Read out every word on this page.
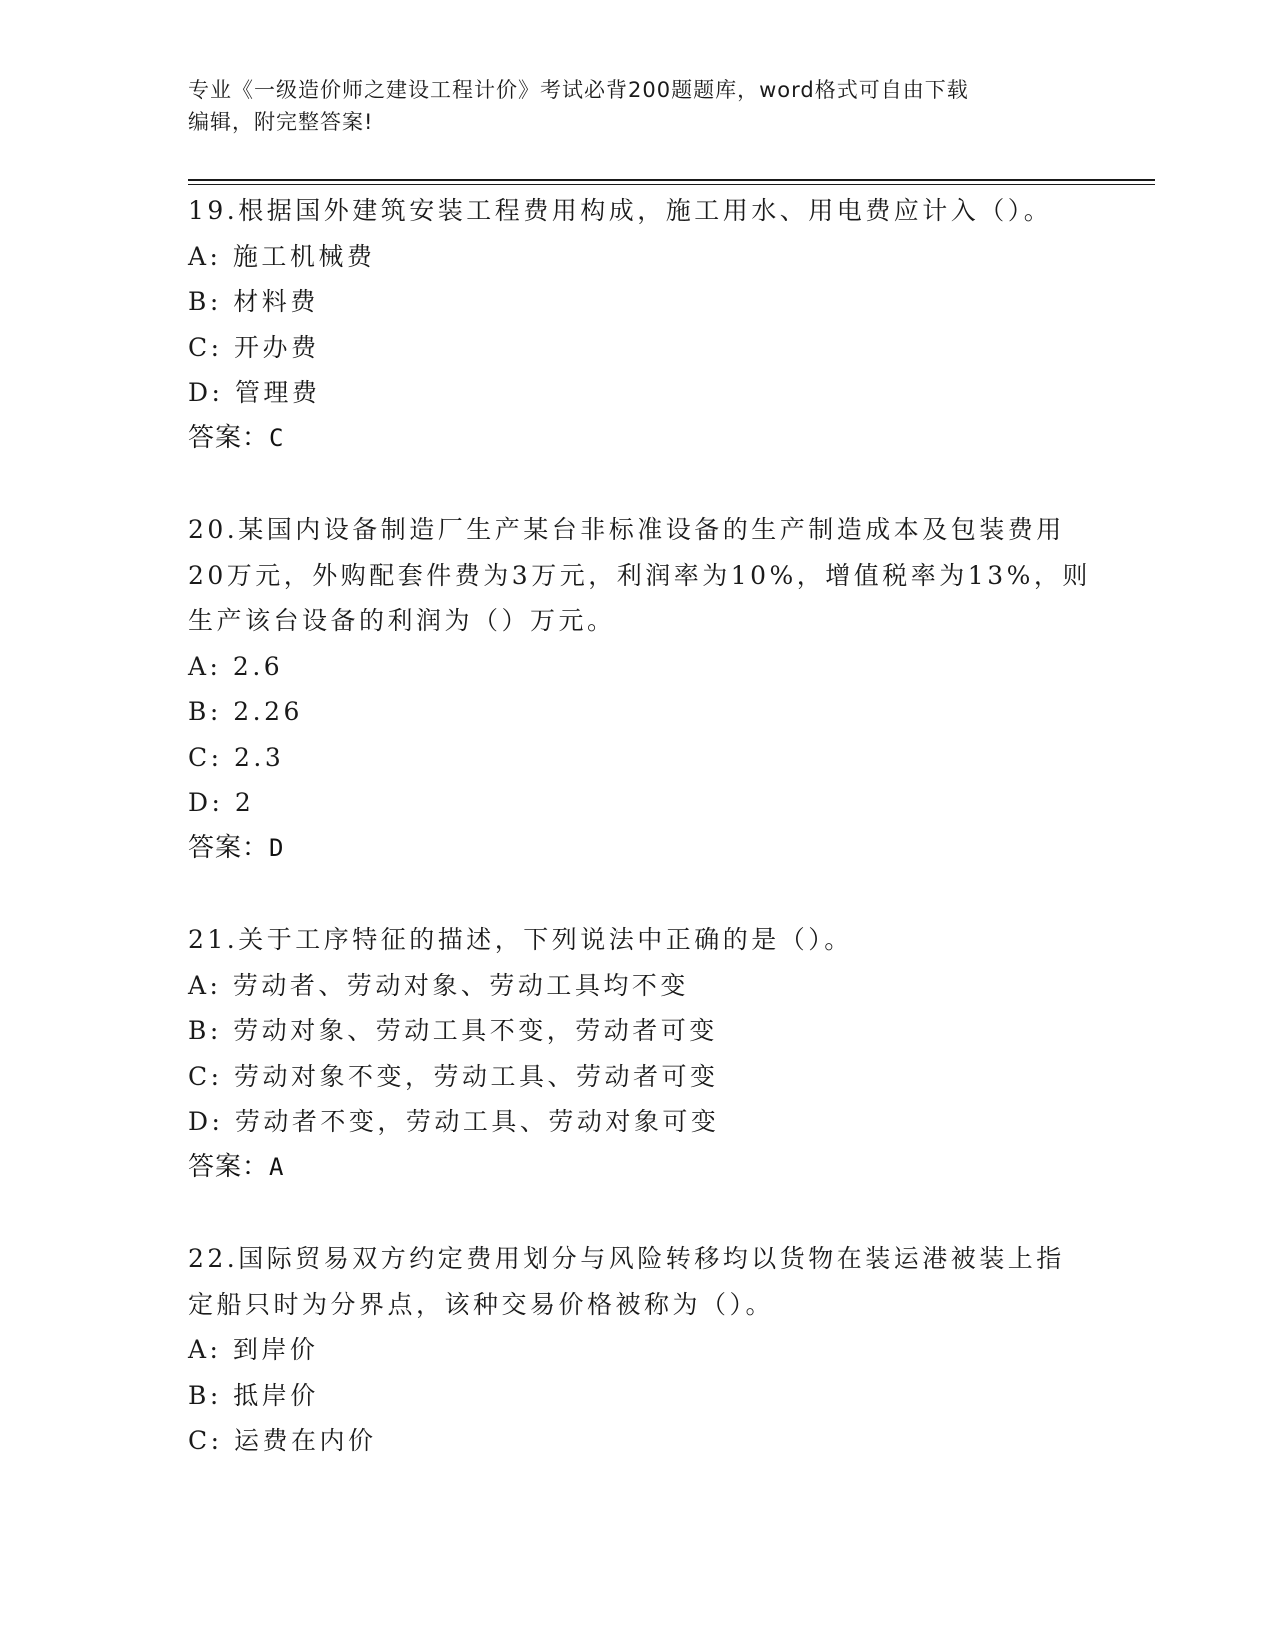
专业《一级造价师之建设工程计价》考试必背200题题库，word格式可自由下载
编辑，附完整答案!
19.根据国外建筑安装工程费用构成，施工用水、用电费应计入（）。
A: 施工机械费
B: 材料费
C: 开办费
D: 管理费
答案：C
20.某国内设备制造厂生产某台非标准设备的生产制造成本及包装费用
20万元，外购配套件费为3万元，利润率为10%，增值税率为13%，则
生产该台设备的利润为（）万元。
A: 2.6
B: 2.26
C: 2.3
D: 2
答案：D
21.关于工序特征的描述，下列说法中正确的是（）。
A: 劳动者、劳动对象、劳动工具均不变
B: 劳动对象、劳动工具不变，劳动者可变
C: 劳动对象不变，劳动工具、劳动者可变
D: 劳动者不变，劳动工具、劳动对象可变
答案：A
22.国际贸易双方约定费用划分与风险转移均以货物在装运港被装上指
定船只时为分界点，该种交易价格被称为（）。
A: 到岸价
B: 抵岸价
C: 运费在内价
